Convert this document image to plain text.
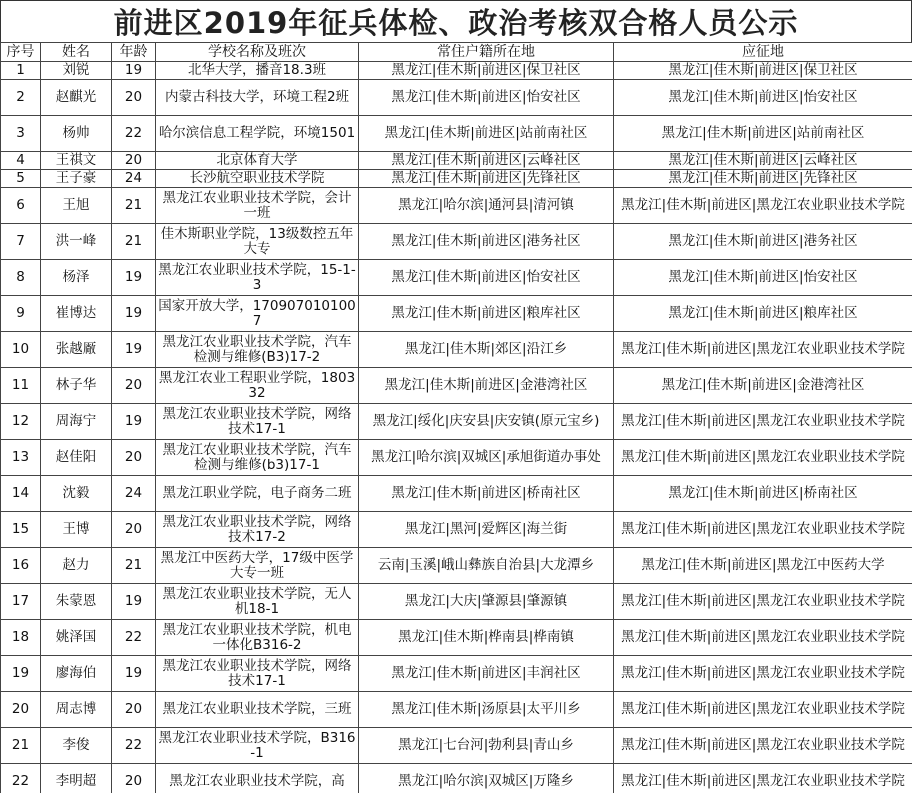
前进区2019年征兵体检、政治考核双合格人员公示
序号	姓名	年龄	学校名称及班次	常住户籍所在地	应征地
1	刘锐	19	北华大学，播音18.3班	黑龙江|佳木斯|前进区|保卫社区	黑龙江|佳木斯|前进区|保卫社区
2	赵麒光	20	内蒙古科技大学，环境工程2班	黑龙江|佳木斯|前进区|怡安社区	黑龙江|佳木斯|前进区|怡安社区
3	杨帅	22	哈尔滨信息工程学院，环境1501	黑龙江|佳木斯|前进区|站前南社区	黑龙江|佳木斯|前进区|站前南社区
4	王祺文	20	北京体育大学	黑龙江|佳木斯|前进区|云峰社区	黑龙江|佳木斯|前进区|云峰社区
5	王子豪	24	长沙航空职业技术学院	黑龙江|佳木斯|前进区|先锋社区	黑龙江|佳木斯|前进区|先锋社区
6	王旭	21	黑龙江农业职业技术学院，会计一班	黑龙江|哈尔滨|通河县|清河镇	黑龙江|佳木斯|前进区|黑龙江农业职业技术学院
7	洪一峰	21	佳木斯职业学院，13级数控五年大专	黑龙江|佳木斯|前进区|港务社区	黑龙江|佳木斯|前进区|港务社区
8	杨泽	19	黑龙江农业职业技术学院，15-1-3	黑龙江|佳木斯|前进区|怡安社区	黑龙江|佳木斯|前进区|怡安社区
9	崔博达	19	国家开放大学，1709070101007	黑龙江|佳木斯|前进区|粮库社区	黑龙江|佳木斯|前进区|粮库社区
10	张越厰	19	黑龙江农业职业技术学院，汽车检测与维修(B3)17-2	黑龙江|佳木斯|郊区|沿江乡	黑龙江|佳木斯|前进区|黑龙江农业职业技术学院
11	林子华	20	黑龙江农业工程职业学院，180332	黑龙江|佳木斯|前进区|金港湾社区	黑龙江|佳木斯|前进区|金港湾社区
12	周海宁	19	黑龙江农业职业技术学院，网络技术17-1	黑龙江|绥化|庆安县|庆安镇(原元宝乡)	黑龙江|佳木斯|前进区|黑龙江农业职业技术学院
13	赵佳阳	20	黑龙江农业职业技术学院，汽车检测与维修(b3)17-1	黑龙江|哈尔滨|双城区|承旭街道办事处	黑龙江|佳木斯|前进区|黑龙江农业职业技术学院
14	沈毅	24	黑龙江职业学院，电子商务二班	黑龙江|佳木斯|前进区|桥南社区	黑龙江|佳木斯|前进区|桥南社区
15	王博	20	黑龙江农业职业技术学院，网络技术17-2	黑龙江|黑河|爱辉区|海兰街	黑龙江|佳木斯|前进区|黑龙江农业职业技术学院
16	赵力	21	黑龙江中医药大学，17级中医学大专一班	云南|玉溪|峨山彝族自治县|大龙潭乡	黑龙江|佳木斯|前进区|黑龙江中医药大学
17	朱蒙恩	19	黑龙江农业职业技术学院，无人机18-1	黑龙江|大庆|肇源县|肇源镇	黑龙江|佳木斯|前进区|黑龙江农业职业技术学院
18	姚泽国	22	黑龙江农业职业技术学院，机电一体化B316-2	黑龙江|佳木斯|桦南县|桦南镇	黑龙江|佳木斯|前进区|黑龙江农业职业技术学院
19	廖海伯	19	黑龙江农业职业技术学院，网络技术17-1	黑龙江|佳木斯|前进区|丰润社区	黑龙江|佳木斯|前进区|黑龙江农业职业技术学院
20	周志博	20	黑龙江农业职业技术学院，三班	黑龙江|佳木斯|汤原县|太平川乡	黑龙江|佳木斯|前进区|黑龙江农业职业技术学院
21	李俊	22	黑龙江农业职业技术学院，B316-1	黑龙江|七台河|勃利县|青山乡	黑龙江|佳木斯|前进区|黑龙江农业职业技术学院
22	李明超	20	黑龙江农业职业技术学院，高	黑龙江|哈尔滨|双城区|万隆乡	黑龙江|佳木斯|前进区|黑龙江农业职业技术学院
